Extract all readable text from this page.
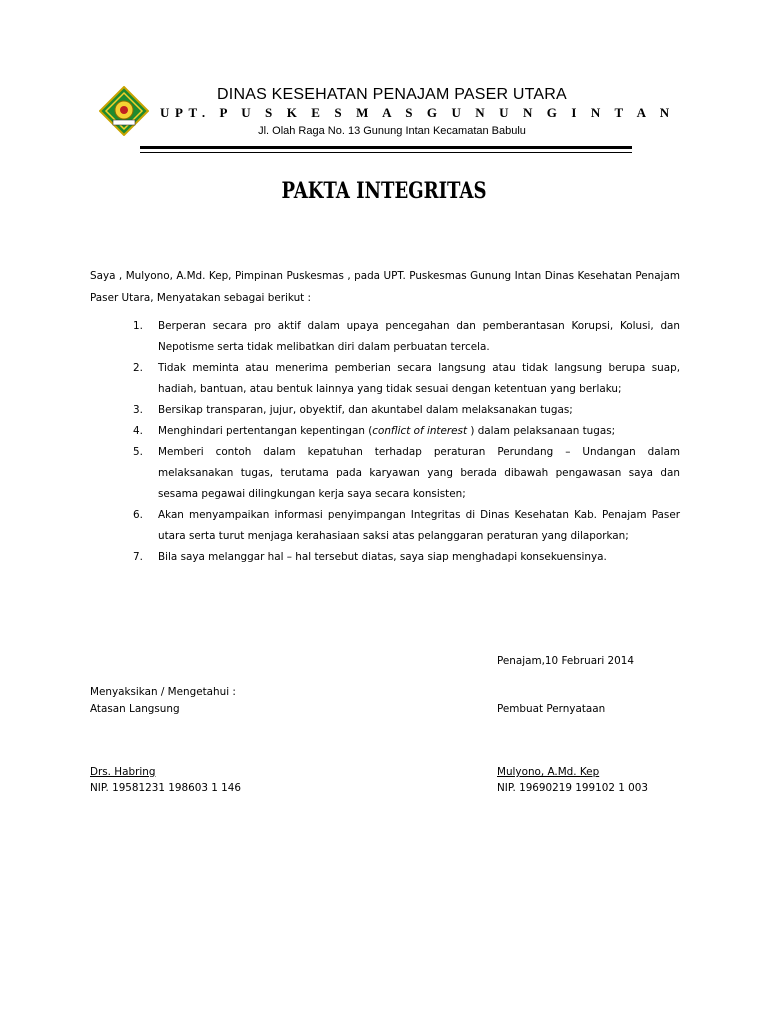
DINAS KESEHATAN PENAJAM PASER UTARA
UPT. P U S K E S M A S G U N U N G I N T A N
Jl. Olah Raga No. 13 Gunung Intan Kecamatan Babulu
PAKTA INTEGRITAS
Saya , Mulyono, A.Md. Kep, Pimpinan Puskesmas , pada UPT. Puskesmas Gunung Intan Dinas Kesehatan Penajam Paser Utara, Menyatakan sebagai berikut :
1. Berperan secara pro aktif dalam upaya pencegahan dan pemberantasan Korupsi, Kolusi, dan Nepotisme serta tidak melibatkan diri dalam perbuatan tercela.
2. Tidak meminta atau menerima pemberian secara langsung atau tidak langsung berupa suap, hadiah, bantuan, atau bentuk lainnya yang tidak sesuai dengan ketentuan yang berlaku;
3. Bersikap transparan, jujur, obyektif, dan akuntabel dalam melaksanakan tugas;
4. Menghindari pertentangan kepentingan (conflict of interest ) dalam pelaksanaan tugas;
5. Memberi contoh dalam kepatuhan terhadap peraturan Perundang – Undangan dalam melaksanakan tugas, terutama pada karyawan yang berada dibawah pengawasan saya dan sesama pegawai dilingkungan kerja saya secara konsisten;
6. Akan menyampaikan informasi penyimpangan Integritas di Dinas Kesehatan Kab. Penajam Paser utara serta turut menjaga kerahasiaan saksi atas pelanggaran peraturan yang dilaporkan;
7. Bila saya melanggar hal – hal tersebut diatas, saya siap menghadapi konsekuensinya.
Penajam,10 Februari 2014
Menyaksikan / Mengetahui :
Atasan Langsung	Pembuat Pernyataan
Drs. Habring
NIP. 19581231 198603 1 146
Mulyono, A.Md. Kep
NIP. 19690219 199102 1 003
